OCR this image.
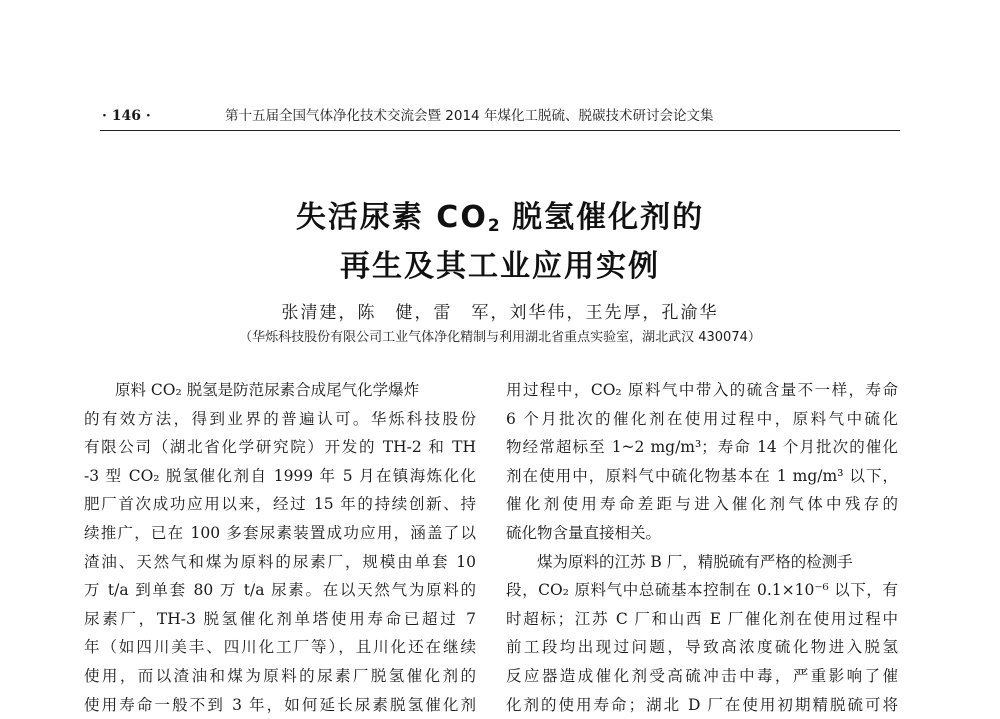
· 146 ·	第十五届全国气体净化技术交流会暨 2014 年煤化工脱硫、脱碳技术研讨会论文集
失活尿素 $CO_2$ 脱氢催化剂的
再生及其工业应用实例
张清建，陈　健，雷　军，刘华伟，王先厚，孔渝华
（华烁科技股份有限公司工业气体净化精制与利用湖北省重点实验室，湖北武汉 430074）
原料 CO₂ 脱氢是防范尿素合成尾气化学爆炸
的有效方法，得到业界的普遍认可。华烁科技股份
有限公司（湖北省化学研究院）开发的 TH-2 和 TH
-3 型 CO₂ 脱氢催化剂自 1999 年 5 月在镇海炼化化
肥厂首次成功应用以来，经过 15 年的持续创新、持
续推广，已在 100 多套尿素装置成功应用，涵盖了以
渣油、天然气和煤为原料的尿素厂，规模由单套 10
万 t/a 到单套 80 万 t/a 尿素。在以天然气为原料的
尿素厂，TH-3 脱氢催化剂单塔使用寿命已超过 7
年（如四川美丰、四川化工厂等），且川化还在继续
使用，而以渣油和煤为原料的尿素厂脱氢催化剂的
使用寿命一般不到 3 年，如何延长尿素脱氢催化剂
用过程中，CO₂ 原料气中带入的硫含量不一样，寿命
6 个月批次的催化剂在使用过程中，原料气中硫化
物经常超标至 1~2 mg/m³；寿命 14 个月批次的催化
剂在使用中，原料气中硫化物基本在 1 mg/m³ 以下，
催化剂使用寿命差距与进入催化剂气体中残存的
硫化物含量直接相关。
煤为原料的江苏 B 厂，精脱硫有严格的检测手
段，CO₂ 原料气中总硫基本控制在 0.1×10⁻⁶ 以下，有
时超标；江苏 C 厂和山西 E 厂催化剂在使用过程中
前工段均出现过问题，导致高浓度硫化物进入脱氢
反应器造成催化剂受高硫冲击中毒，严重影响了催
化剂的使用寿命；湖北 D 厂在使用初期精脱硫可将
